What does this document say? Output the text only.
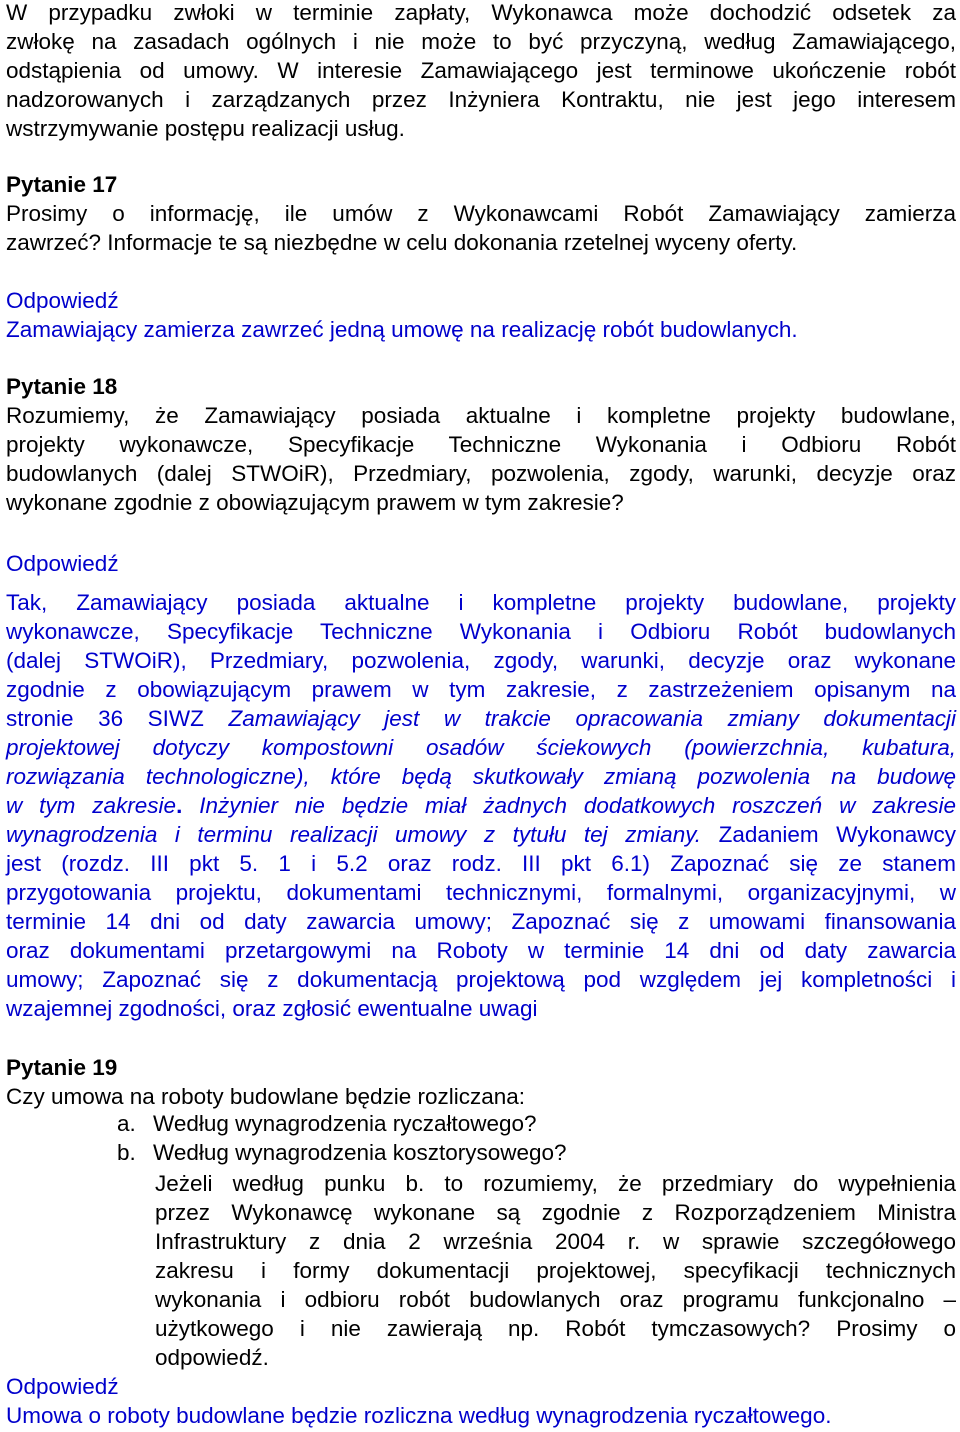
W przypadku zwłoki w terminie zapłaty, Wykonawca może dochodzić odsetek za
zwłokę na zasadach ogólnych i nie może to być przyczyną, według Zamawiającego,
odstąpienia od umowy. W interesie Zamawiającego jest terminowe ukończenie robót
nadzorowanych i zarządzanych przez Inżyniera Kontraktu, nie jest jego interesem
wstrzymywanie postępu realizacji usług.
Pytanie 17
Prosimy o informację, ile umów z Wykonawcami Robót Zamawiający zamierza
zawrzeć? Informacje te są niezbędne w celu dokonania rzetelnej wyceny oferty.
Odpowiedź
Zamawiający zamierza zawrzeć jedną umowę na realizację robót budowlanych.
Pytanie 18
Rozumiemy, że Zamawiający posiada aktualne i kompletne projekty budowlane,
projekty wykonawcze, Specyfikacje Techniczne Wykonania i Odbioru Robót
budowlanych (dalej STWOiR), Przedmiary, pozwolenia, zgody, warunki, decyzje oraz
wykonane zgodnie z obowiązującym prawem w tym zakresie?
Odpowiedź
Tak, Zamawiający posiada aktualne i kompletne projekty budowlane, projekty
wykonawcze, Specyfikacje Techniczne Wykonania i Odbioru Robót budowlanych
(dalej STWOiR), Przedmiary, pozwolenia, zgody, warunki, decyzje oraz wykonane
zgodnie z obowiązującym prawem w tym zakresie, z zastrzeżeniem opisanym na
stronie 36 SIWZ Zamawiający jest w trakcie opracowania zmiany dokumentacji
projektowej dotyczy kompostowni osadów ściekowych (powierzchnia, kubatura,
rozwiązania technologiczne), które będą skutkowały zmianą pozwolenia na budowę
w tym zakresie. Inżynier nie będzie miał żadnych dodatkowych roszczeń w zakresie
wynagrodzenia i terminu realizacji umowy z tytułu tej zmiany. Zadaniem Wykonawcy
jest (rozdz. III pkt 5. 1 i 5.2 oraz rodz. III pkt 6.1) Zapoznać się ze stanem
przygotowania projektu, dokumentami technicznymi, formalnymi, organizacyjnymi, w
terminie 14 dni od daty zawarcia umowy; Zapoznać się z umowami finansowania
oraz dokumentami przetargowymi na Roboty w terminie 14 dni od daty zawarcia
umowy; Zapoznać się z dokumentacją projektową pod względem jej kompletności i
wzajemnej zgodności, oraz zgłosić ewentualne uwagi
Pytanie 19
Czy umowa na roboty budowlane będzie rozliczana:
a. Według wynagrodzenia ryczałtowego?
b. Według wynagrodzenia kosztorysowego?
Jeżeli według punku b. to rozumiemy, że przedmiary do wypełnienia
przez Wykonawcę wykonane są zgodnie z Rozporządzeniem Ministra
Infrastruktury z dnia 2 września 2004 r. w sprawie szczegółowego
zakresu i formy dokumentacji projektowej, specyfikacji technicznych
wykonania i odbioru robót budowlanych oraz programu funkcjonalno –
użytkowego i nie zawierają np. Robót tymczasowych? Prosimy o
odpowiedź.
Odpowiedź
Umowa o roboty budowlane będzie rozliczna według wynagrodzenia ryczałtowego.
